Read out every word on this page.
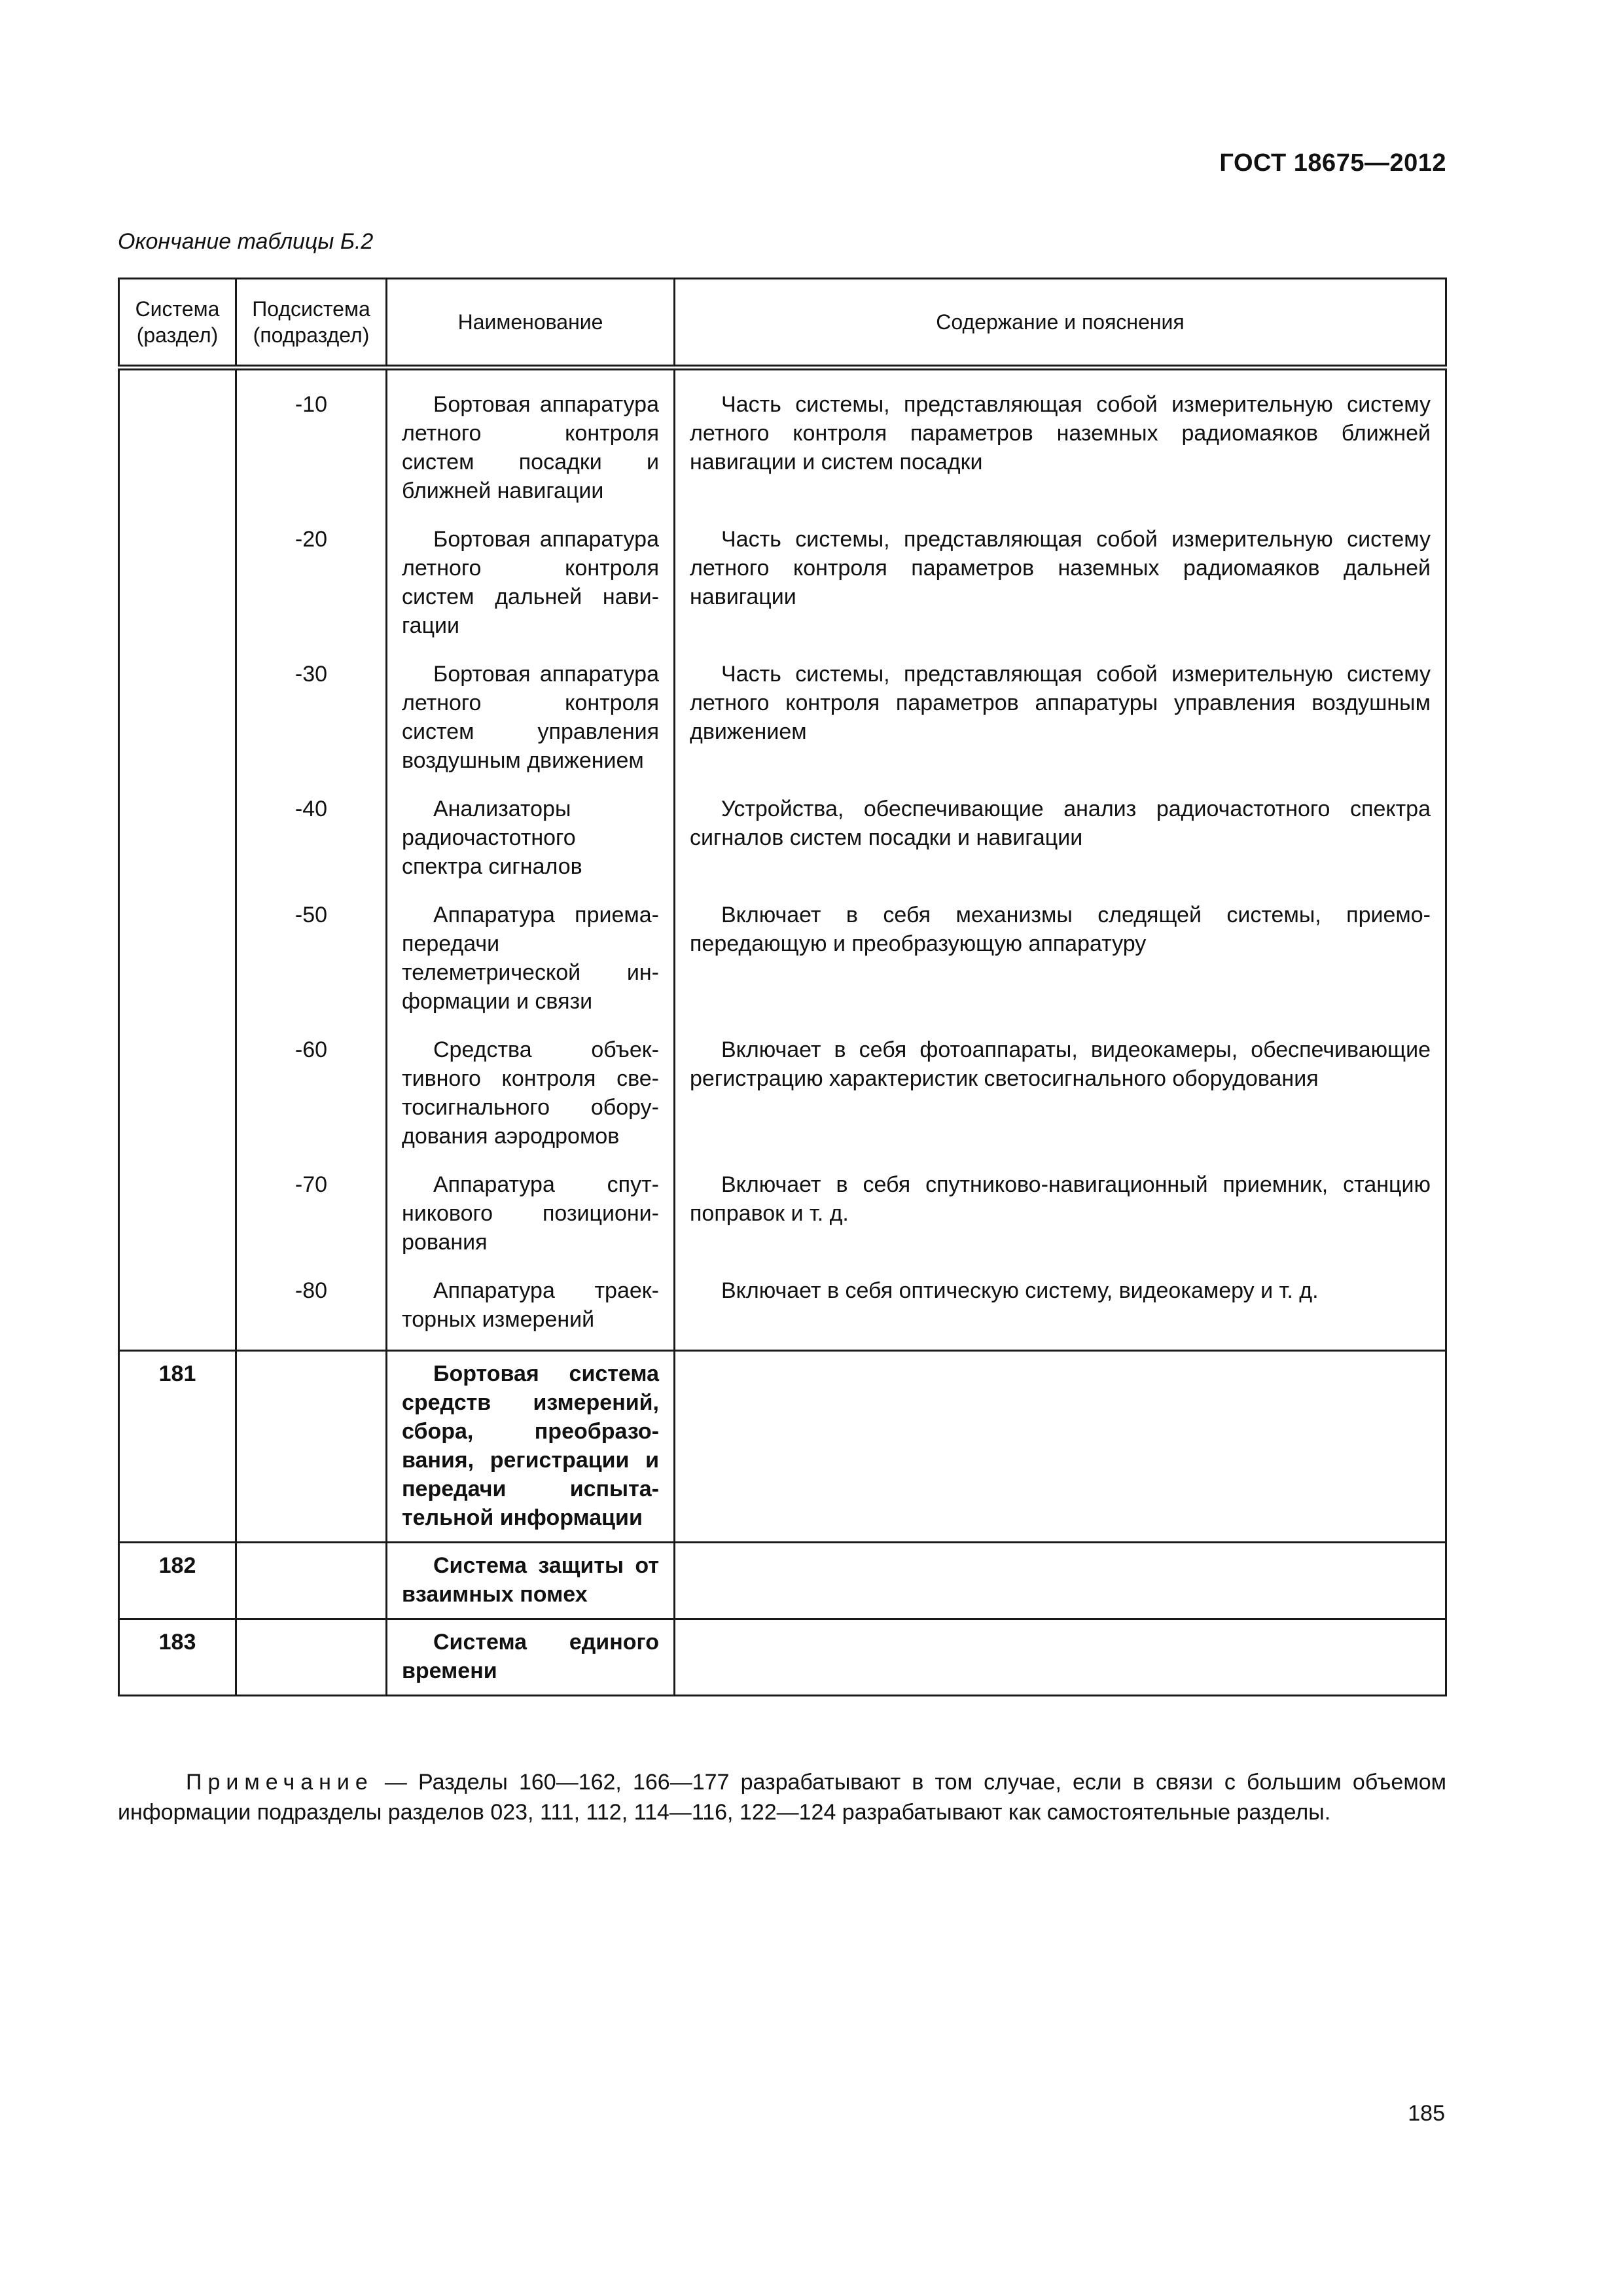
ГОСТ 18675—2012
Окончание таблицы Б.2
Система (раздел)	Подсистема (подраздел)	Наименование	Содержание и пояснения
	-10	Бортовая аппаратура летного контроля систем посадки и ближней навигации	Часть системы, представляющая собой измерительную систему летного контроля параметров наземных радиомаяков ближней навигации и систем посадки
	-20	Бортовая аппаратура летного контроля систем дальней навигации	Часть системы, представляющая собой измерительную систему летного контроля параметров наземных радиомаяков дальней навигации
	-30	Бортовая аппаратура летного контроля систем управления воздушным движением	Часть системы, представляющая собой измерительную систему летного контроля параметров аппаратуры управления воздушным движением
	-40	Анализаторы радиочастотного спектра сигналов	Устройства, обеспечивающие анализ радиочастотного спектра сигналов систем посадки и навигации
	-50	Аппаратура приема-передачи телеметрической информации и связи	Включает в себя механизмы следящей системы, приемопередающую и преобразующую аппаратуру
	-60	Средства объективного контроля светосигнального оборудования аэродромов	Включает в себя фотоаппараты, видеокамеры, обеспечивающие регистрацию характеристик светосигнального оборудования
	-70	Аппаратура спутникового позиционирования	Включает в себя спутниково-навигационный приемник, станцию поправок и т. д.
	-80	Аппаратура траекторных измерений	Включает в себя оптическую систему, видеокамеру и т. д.
181		Бортовая система средств измерений, сбора, преобразования, регистрации и передачи испытательной информации	
182		Система защиты от взаимных помех	
183		Система единого времени	
Примечание — Разделы 160—162, 166—177 разрабатывают в том случае, если в связи с большим объемом информации подразделы разделов 023, 111, 112, 114—116, 122—124 разрабатывают как самостоятельные разделы.
185
